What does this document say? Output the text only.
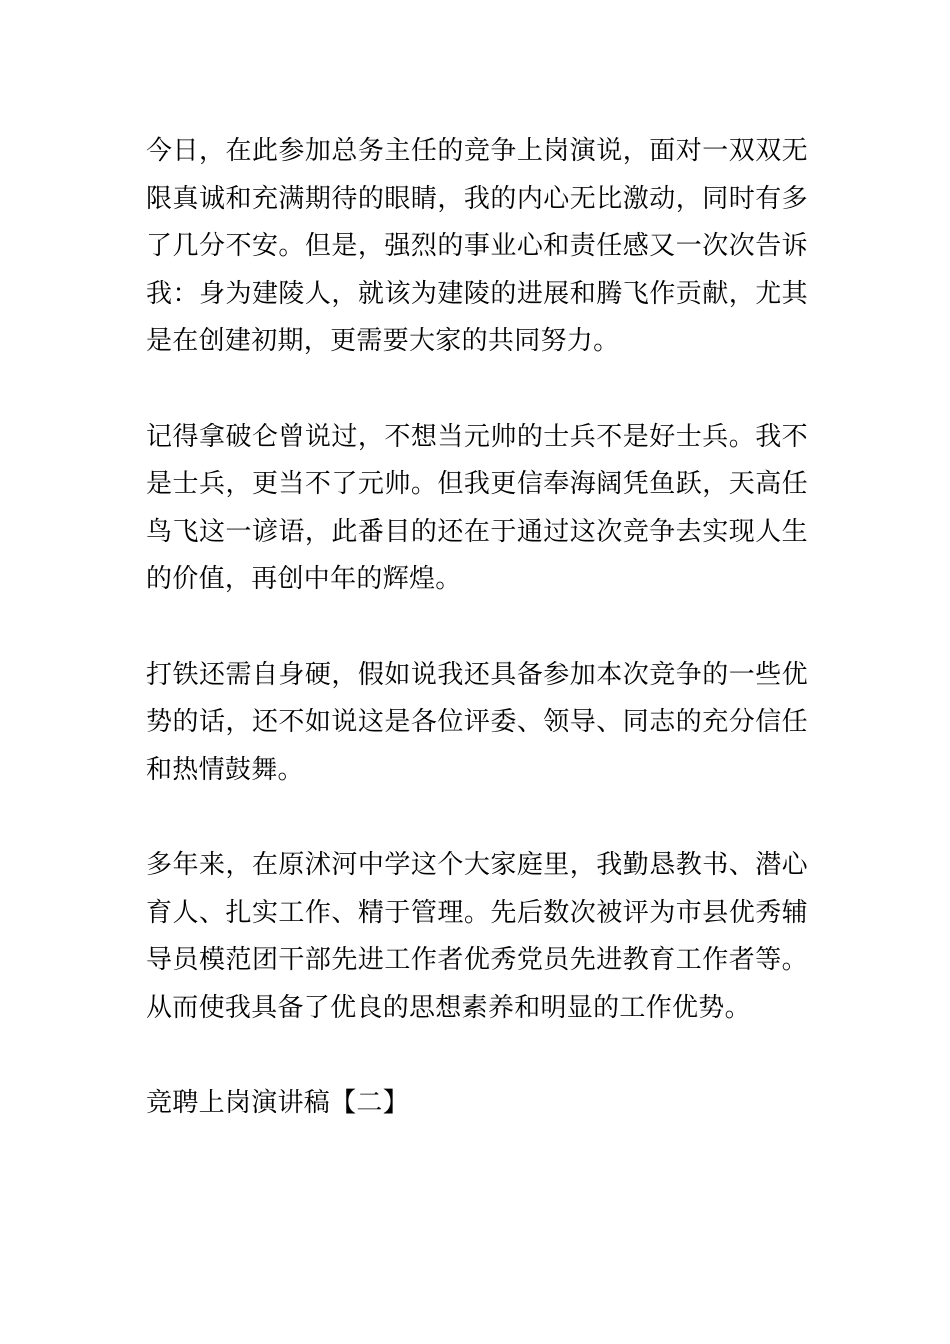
今日，在此参加总务主任的竞争上岗演说，面对一双双无限真诚和充满期待的眼睛，我的内心无比激动，同时有多了几分不安。但是，强烈的事业心和责任感又一次次告诉我：身为建陵人，就该为建陵的进展和腾飞作贡献，尤其是在创建初期，更需要大家的共同努力。

记得拿破仑曾说过，不想当元帅的士兵不是好士兵。我不是士兵，更当不了元帅。但我更信奉海阔凭鱼跃，天高任鸟飞这一谚语，此番目的还在于通过这次竞争去实现人生的价值，再创中年的辉煌。

打铁还需自身硬，假如说我还具备参加本次竞争的一些优势的话，还不如说这是各位评委、领导、同志的充分信任和热情鼓舞。

多年来，在原沭河中学这个大家庭里，我勤恳教书、潜心育人、扎实工作、精于管理。先后数次被评为市县优秀辅导员模范团干部先进工作者优秀党员先进教育工作者等。从而使我具备了优良的思想素养和明显的工作优势。

竞聘上岗演讲稿【二】
